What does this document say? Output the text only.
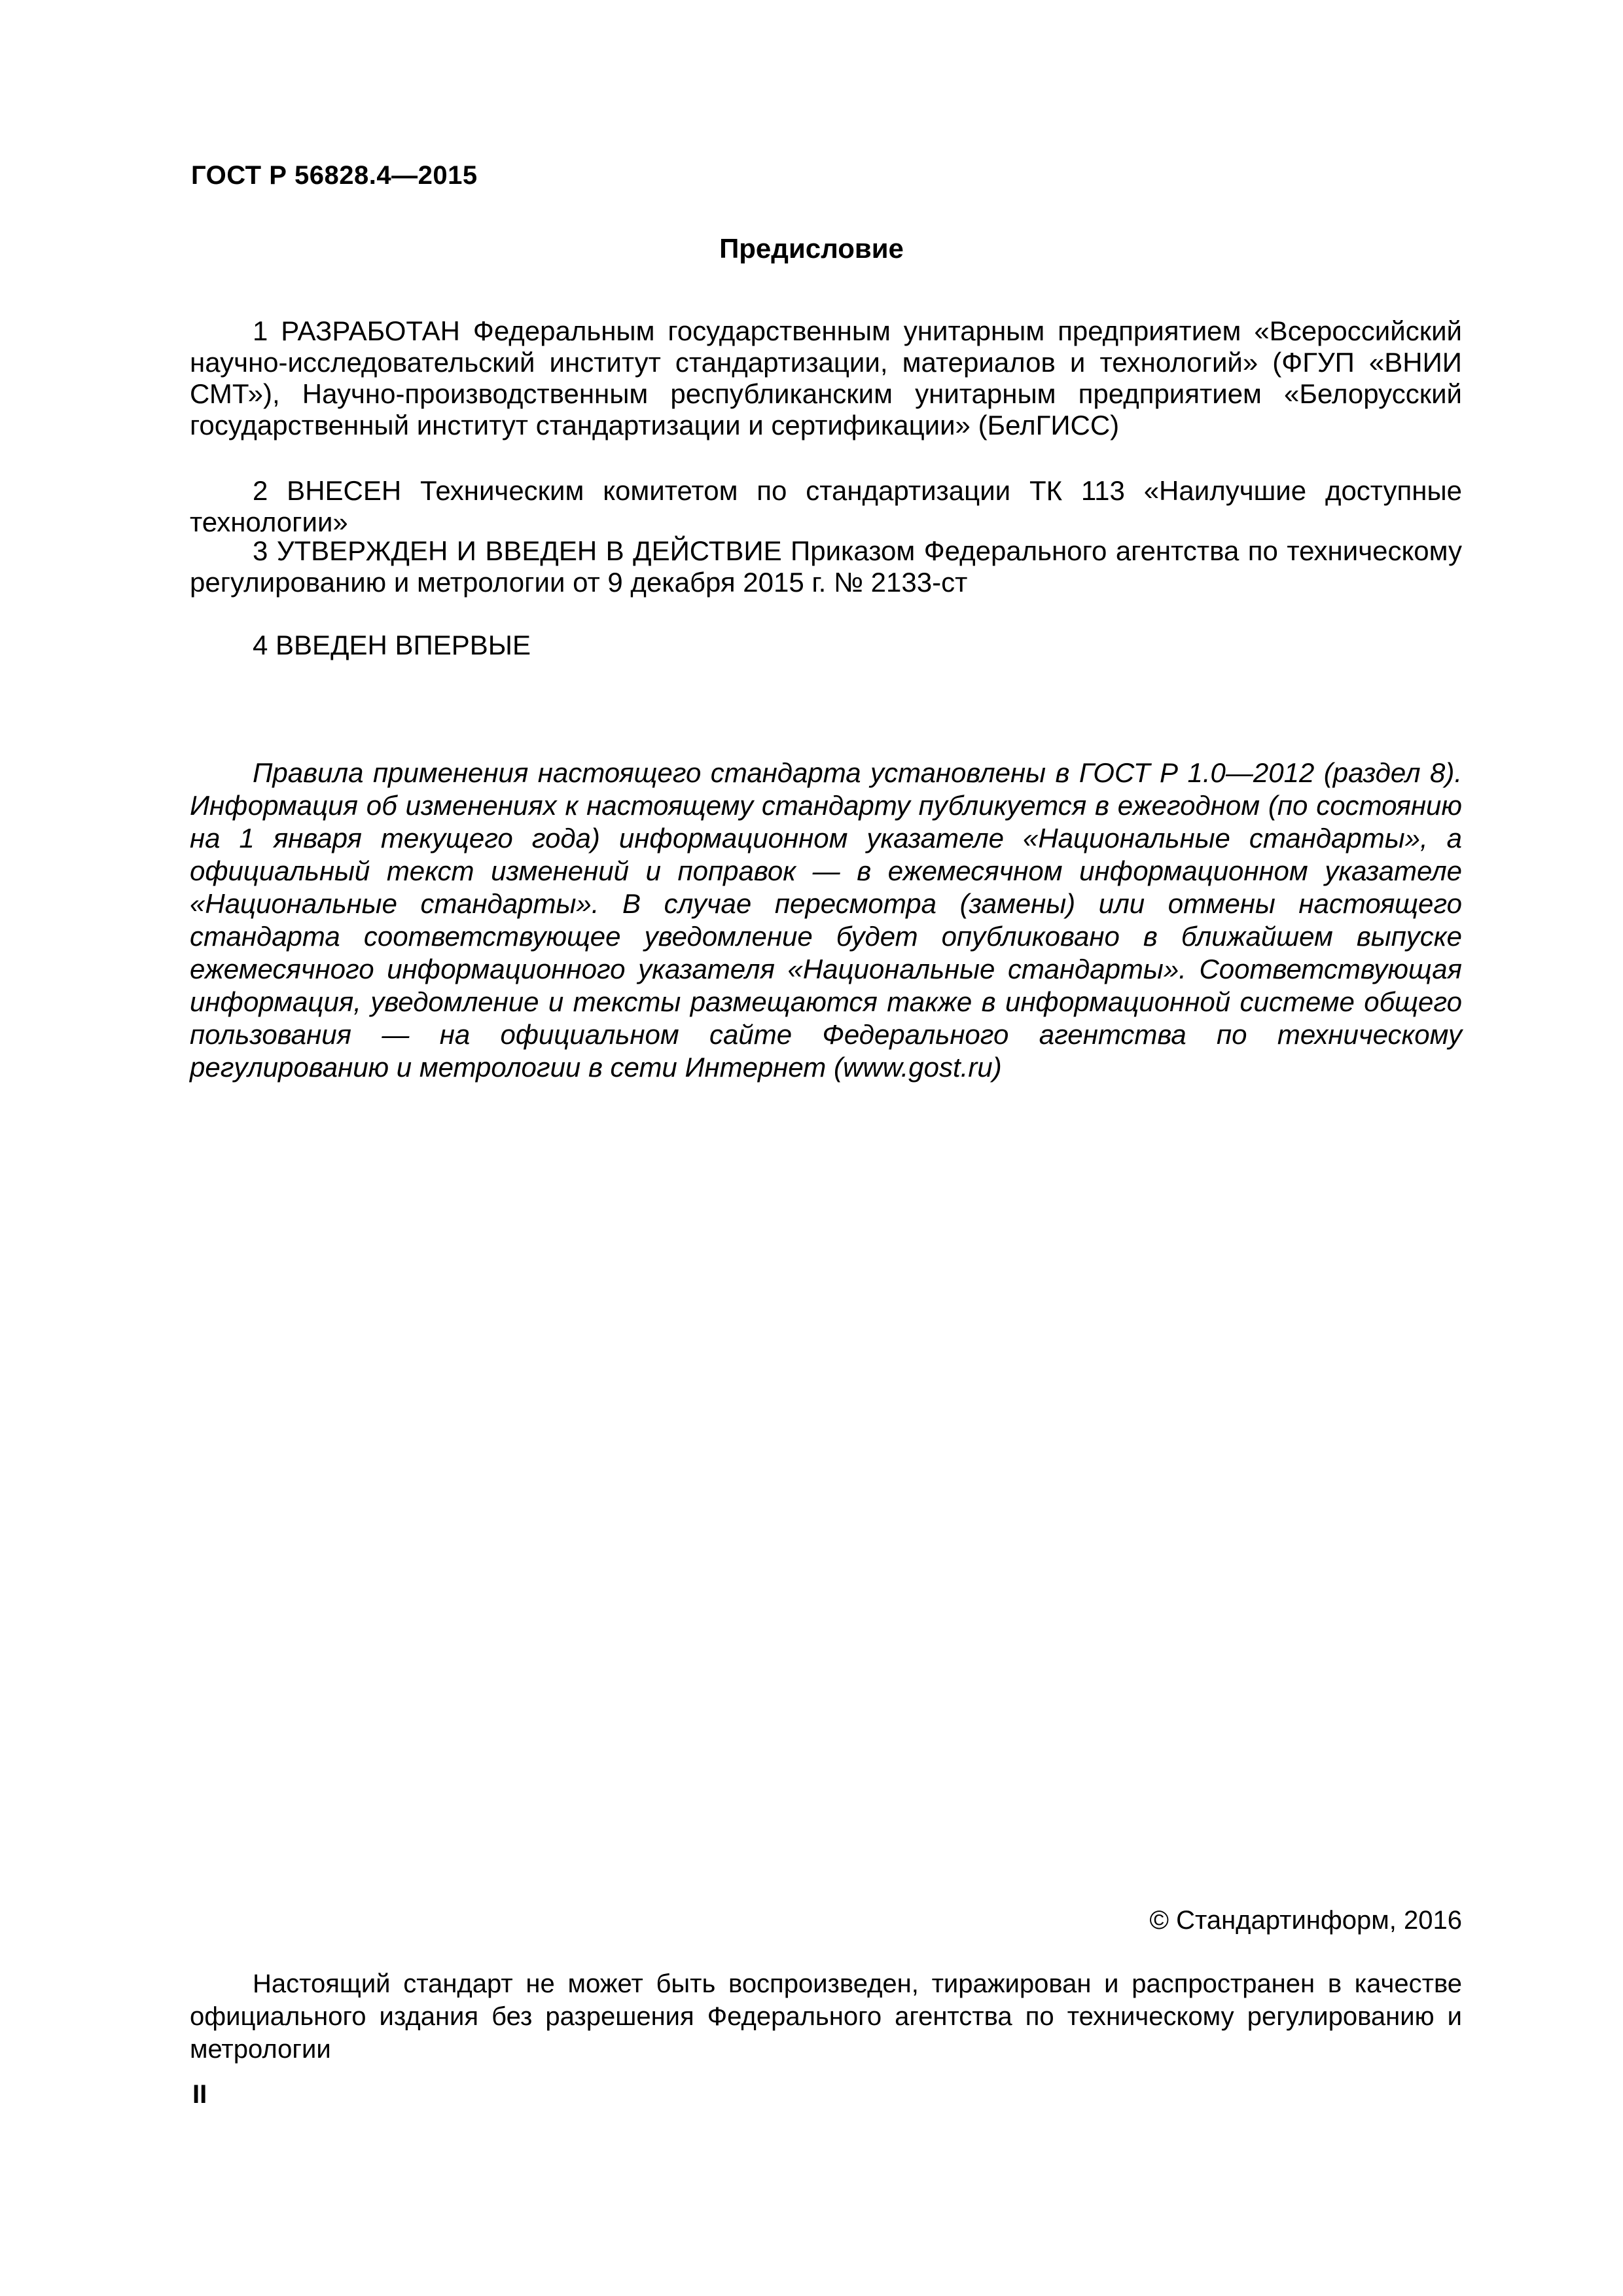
ГОСТ Р 56828.4—2015
Предисловие
1 РАЗРАБОТАН Федеральным государственным унитарным предприятием «Всероссийский научно-исследовательский институт стандартизации, материалов и технологий» (ФГУП «ВНИИ СМТ»), Научно-производственным республиканским унитарным предприятием «Белорусский государственный институт стандартизации и сертификации» (БелГИСС)
2 ВНЕСЕН Техническим комитетом по стандартизации ТК 113 «Наилучшие доступные технологии»
3 УТВЕРЖДЕН И ВВЕДЕН В ДЕЙСТВИЕ Приказом Федерального агентства по техническому регулированию и метрологии от 9 декабря 2015 г. № 2133-ст
4 ВВЕДЕН ВПЕРВЫЕ
Правила применения настоящего стандарта установлены в ГОСТ Р 1.0—2012 (раздел 8). Информация об изменениях к настоящему стандарту публикуется в ежегодном (по состоянию на 1 января текущего года) информационном указателе «Национальные стандарты», а официальный текст изменений и поправок — в ежемесячном информационном указателе «Национальные стандарты». В случае пересмотра (замены) или отмены настоящего стандарта соответствующее уведомление будет опубликовано в ближайшем выпуске ежемесячного информационного указателя «Национальные стандарты». Соответствующая информация, уведомление и тексты размещаются также в информационной системе общего пользования — на официальном сайте Федерального агентства по техническому регулированию и метрологии в сети Интернет (www.gost.ru)
© Стандартинформ, 2016
Настоящий стандарт не может быть воспроизведен, тиражирован и распространен в качестве официального издания без разрешения Федерального агентства по техническому регулированию и метрологии
II
